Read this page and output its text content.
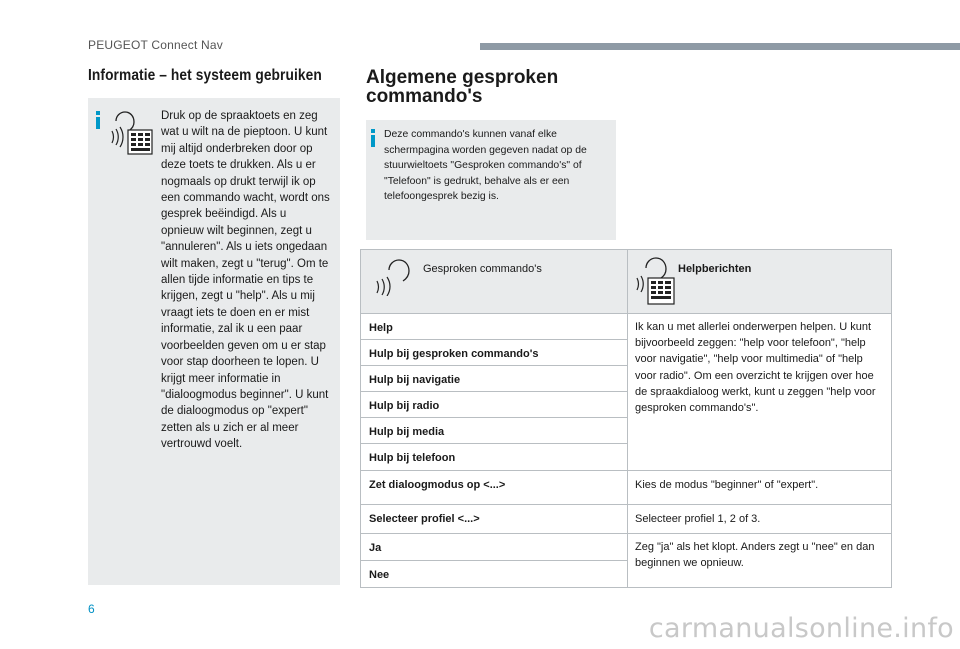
PEUGEOT Connect Nav
Informatie – het systeem gebruiken Algemene gesproken commando's
Druk op de spraaktoets en zeg wat u wilt na de pieptoon. U kunt mij altijd onderbreken door op deze toets te drukken. Als u er nogmaals op drukt terwijl ik op een commando wacht, wordt ons gesprek beëindigd. Als u opnieuw wilt beginnen, zegt u "annuleren". Als u iets ongedaan wilt maken, zegt u "terug". Om te allen tijde informatie en tips te krijgen, zegt u "help". Als u mij vraagt iets te doen en er mist informatie, zal ik u een paar voorbeelden geven om u er stap voor stap doorheen te lopen. U krijgt meer informatie in "dialoogmodus beginner". U kunt de dialoogmodus op "expert" zetten als u zich er al meer vertrouwd voelt.
Deze commando's kunnen vanaf elke schermpagina worden gegeven nadat op de stuurwieltoets "Gesproken commando's" of "Telefoon" is gedrukt, behalve als er een telefoongesprek bezig is.
Gesproken commando's	Helpberichten

Help	Ik kan u met allerlei onderwerpen helpen. U kunt bijvoorbeeld zeggen: "help voor telefoon", "help voor navigatie", "help voor multimedia" of "help voor radio". Om een overzicht te krijgen over hoe de spraakdialoog werkt, kunt u zeggen "help voor gesproken commando's".

Hulp bij gesproken commando's	

Hulp bij navigatie	

Hulp bij radio	

Hulp bij media	

Hulp bij telefoon	

Zet dialoogmodus op <...>	Kies de modus "beginner" of "expert".

Selecteer profiel <...>	Selecteer profiel 1, 2 of 3.

Ja	Zeg "ja" als het klopt. Anders zegt u "nee" en dan beginnen we opnieuw.

Nee	
6
carmanualsonline.info
